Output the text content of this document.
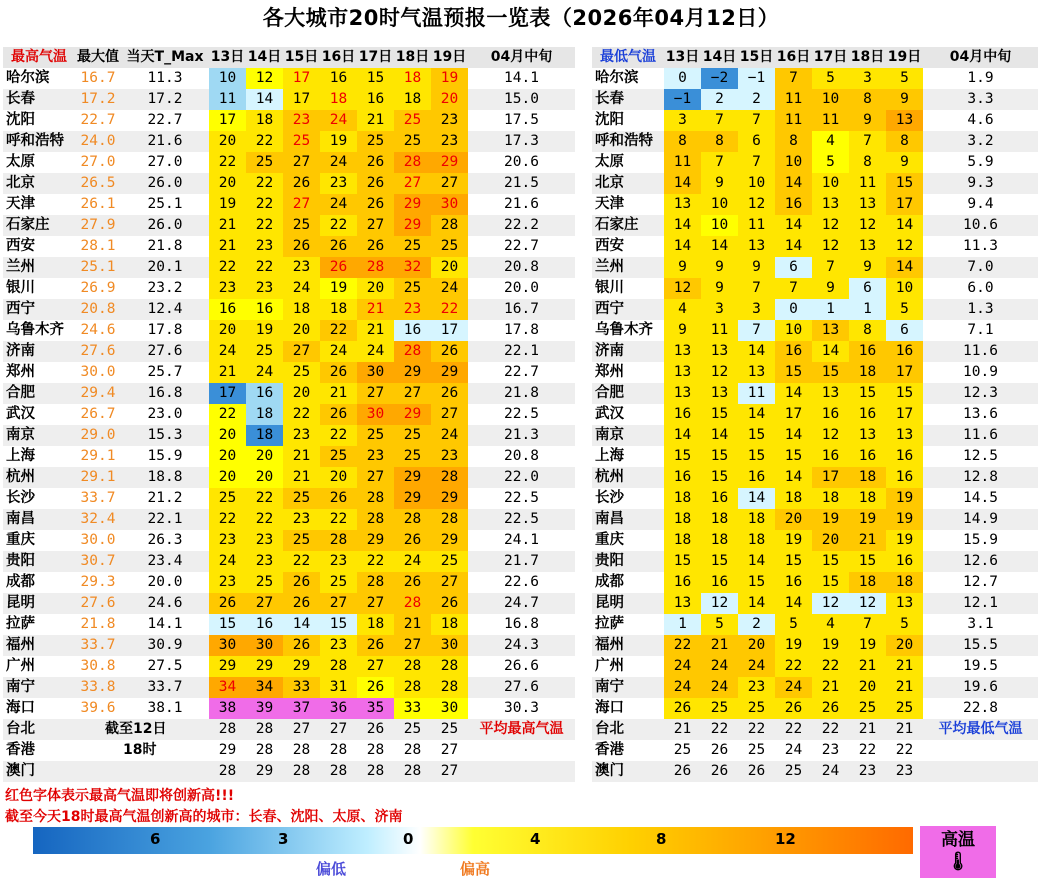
各大城市20时气温预报一览表（2026年04月12日）
最高气温	最大值	当天T_Max	13日	14日	15日	16日	17日	18日	19日	04月中旬
哈尔滨	16.7	11.3	10	12	17	16	15	18	19	14.1
长春	17.2	17.2	11	14	17	18	16	18	20	15.0
沈阳	22.7	22.7	17	18	23	24	21	25	23	17.5
呼和浩特	24.0	21.6	20	22	25	19	25	25	23	17.3
太原	27.0	27.0	22	25	27	24	26	28	29	20.6
北京	26.5	26.0	20	22	26	23	26	27	27	21.5
天津	26.1	25.1	19	22	27	24	26	29	30	21.6
石家庄	27.9	26.0	21	22	25	22	27	29	28	22.2
西安	28.1	21.8	21	23	26	26	26	25	25	22.7
兰州	25.1	20.1	22	22	23	26	28	32	20	20.8
银川	26.9	23.2	23	23	24	19	20	25	24	20.0
西宁	20.8	12.4	16	16	18	18	21	23	22	16.7
乌鲁木齐	24.6	17.8	20	19	20	22	21	16	17	17.8
济南	27.6	27.6	24	25	27	24	24	28	26	22.1
郑州	30.0	25.7	21	24	25	26	30	29	29	22.7
合肥	29.4	16.8	17	16	20	21	27	27	26	21.8
武汉	26.7	23.0	22	18	22	26	30	29	27	22.5
南京	29.0	15.3	20	18	23	22	25	25	24	21.3
上海	29.1	15.9	20	20	21	25	23	25	23	20.8
杭州	29.1	18.8	20	20	21	20	27	29	28	22.0
长沙	33.7	21.2	25	22	25	26	28	29	29	22.5
南昌	32.4	22.1	22	22	23	22	28	28	28	22.5
重庆	30.0	26.3	23	23	25	28	29	26	29	24.1
贵阳	30.7	23.4	24	23	22	23	22	24	25	21.7
成都	29.3	20.0	23	25	26	25	28	26	27	22.6
昆明	27.6	24.6	26	27	26	27	27	28	26	24.7
拉萨	21.8	14.1	15	16	14	15	18	21	18	16.8
福州	33.7	30.9	30	30	26	23	26	27	30	24.3
广州	30.8	27.5	29	29	29	28	27	28	28	26.6
南宁	33.8	33.7	34	34	33	31	26	28	28	27.6
海口	39.6	38.1	38	39	37	36	35	33	30	30.3
台北	截至12日		28	28	27	27	26	25	25	平均最高气温
香港	18时		29	28	28	28	28	28	27	
澳门			28	29	28	28	28	28	27	
最低气温	13日	14日	15日	16日	17日	18日	19日	04月中旬
哈尔滨	0	−2	−1	7	5	3	5	1.9
长春	−1	2	2	11	10	8	9	3.3
沈阳	3	7	7	11	11	9	13	4.6
呼和浩特	8	8	6	8	4	7	8	3.2
太原	11	7	7	10	5	8	9	5.9
北京	14	9	10	14	10	11	15	9.3
天津	13	10	12	16	13	13	17	9.4
石家庄	14	10	11	14	12	12	14	10.6
西安	14	14	13	14	12	13	12	11.3
兰州	9	9	9	6	7	9	14	7.0
银川	12	9	7	7	9	6	10	6.0
西宁	4	3	3	0	1	1	5	1.3
乌鲁木齐	9	11	7	10	13	8	6	7.1
济南	13	13	14	16	14	16	16	11.6
郑州	13	12	13	15	15	18	17	10.9
合肥	13	13	11	14	13	15	15	12.3
武汉	16	15	14	17	16	16	17	13.6
南京	14	14	15	14	12	13	13	11.6
上海	15	15	15	15	16	16	16	12.5
杭州	16	15	16	14	17	18	16	12.8
长沙	18	16	14	18	18	18	19	14.5
南昌	18	18	18	20	19	19	19	14.9
重庆	18	18	18	19	20	21	19	15.9
贵阳	15	15	14	15	15	15	16	12.6
成都	16	16	15	16	15	18	18	12.7
昆明	13	12	14	14	12	12	13	12.1
拉萨	1	5	2	5	4	7	5	3.1
福州	22	21	20	19	19	19	20	15.5
广州	24	24	24	22	22	21	21	19.5
南宁	24	24	23	24	21	20	21	19.6
海口	26	25	25	26	26	25	25	22.8
台北	21	22	22	22	22	21	21	平均最低气温
香港	25	26	25	24	23	22	22	
澳门	26	26	26	25	24	23	23	
红色字体表示最高气温即将创新高!!!
截至今天18时最高气温创新高的城市：长春、沈阳、太原、济南
6	3	0	4	8	12
偏低	偏高
高温
🌡
